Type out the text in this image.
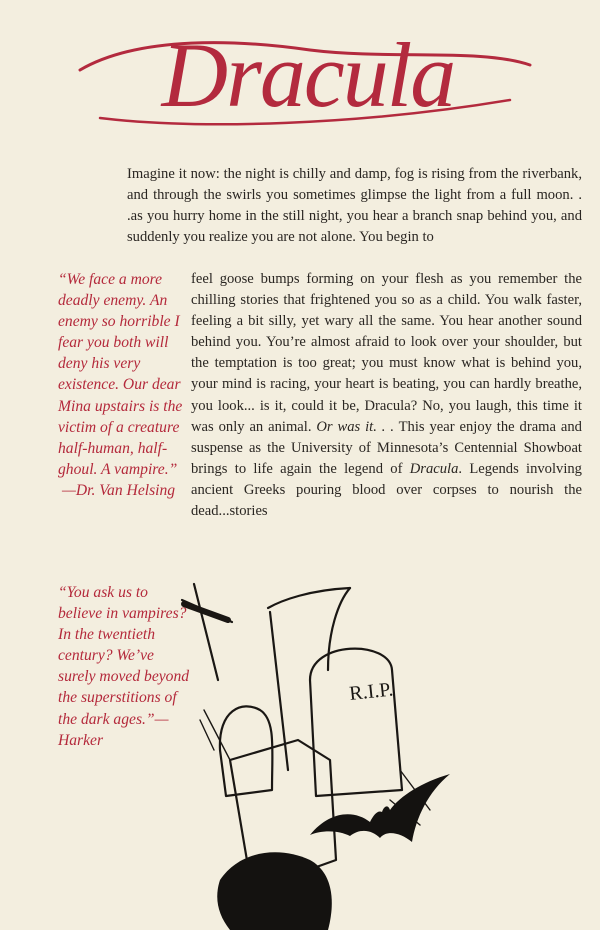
Dracula

Imagine it now: the night is chilly and damp, fog is rising from the riverbank, and through the swirls you sometimes glimpse the light from a full moon. . .as you hurry home in the still night, you hear a branch snap behind you, and suddenly you realize you are not alone. You begin to

feel goose bumps forming on your flesh as you remember the chilling stories that frightened you so as a child. You walk faster, feeling a bit silly, yet wary all the same. You hear another sound behind you. You’re almost afraid to look over your shoulder, but the temptation is too great; you must know what is behind you, your mind is racing, your heart is beating, you can hardly breathe, you look... is it, could it be, Dracula? No, you laugh, this time it was only an animal. Or was it. . . This year enjoy the drama and suspense as the University of Minnesota’s Centennial Showboat brings to life again the legend of Dracula. Legends involving ancient Greeks pouring blood over corpses to nourish the dead...stories

“We face a more deadly enemy. An enemy so horrible I fear you both will deny his very existence. Our dear Mina upstairs is the victim of a creature half-human, half-ghoul. A vampire.”
—Dr. Van Helsing
“You ask us to believe in vampires? In the twentieth century? We’ve surely moved beyond the superstitions of the dark ages.”— Harker
R.I.P.
